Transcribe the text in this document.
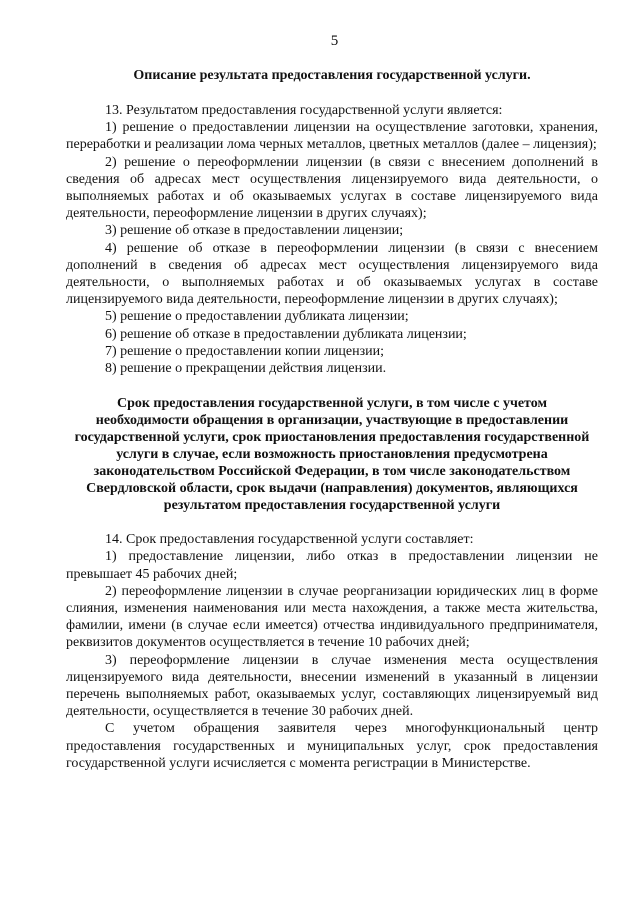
5
Описание результата предоставления государственной услуги.

13. Результатом предоставления государственной услуги является:

1) решение о предоставлении лицензии на осуществление заготовки, хранения, переработки и реализации лома черных металлов, цветных металлов (далее – лицензия);

2) решение о переоформлении лицензии (в связи с внесением дополнений в сведения об адресах мест осуществления лицензируемого вида деятельности, о выполняемых работах и об оказываемых услугах в составе лицензируемого вида деятельности, переоформление лицензии в других случаях);

3) решение об отказе в предоставлении лицензии;

4) решение об отказе в переоформлении лицензии (в связи с внесением дополнений в сведения об адресах мест осуществления лицензируемого вида деятельности, о выполняемых работах и об оказываемых услугах в составе лицензируемого вида деятельности, переоформление лицензии в других случаях);

5) решение о предоставлении дубликата лицензии;

6) решение об отказе в предоставлении дубликата лицензии;

7) решение о предоставлении копии лицензии;

8) решение о прекращении действия лицензии.

Срок предоставления государственной услуги, в том числе с учетом необходимости обращения в организации, участвующие в предоставлении государственной услуги, срок приостановления предоставления государственной услуги в случае, если возможность приостановления предусмотрена законодательством Российской Федерации, в том числе законодательством Свердловской области, срок выдачи (направления) документов, являющихся результатом предоставления государственной услуги

14. Срок предоставления государственной услуги составляет:

1) предоставление лицензии, либо отказ в предоставлении лицензии не превышает 45 рабочих дней;

2) переоформление лицензии в случае реорганизации юридических лиц в форме слияния, изменения наименования или места нахождения, а также места жительства, фамилии, имени (в случае если имеется) отчества индивидуального предпринимателя, реквизитов документов осуществляется в течение 10 рабочих дней;

3) переоформление лицензии в случае изменения места осуществления лицензируемого вида деятельности, внесении изменений в указанный в лицензии перечень выполняемых работ, оказываемых услуг, составляющих лицензируемый вид деятельности, осуществляется в течение 30 рабочих дней.

С учетом обращения заявителя через многофункциональный центр предоставления государственных и муниципальных услуг, срок предоставления государственной услуги исчисляется с момента регистрации в Министерстве.
